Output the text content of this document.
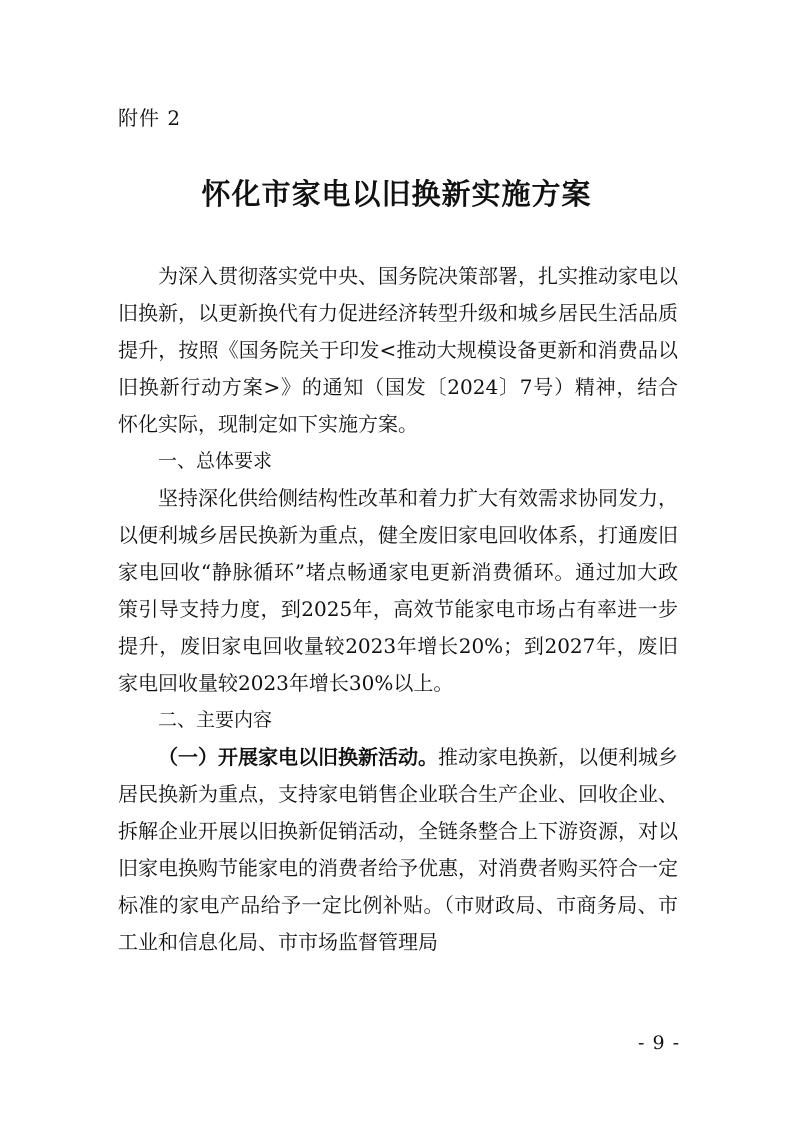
附件 2
怀化市家电以旧换新实施方案

为深入贯彻落实党中央、国务院决策部署，扎实推动家电以旧换新，以更新换代有力促进经济转型升级和城乡居民生活品质提升，按照《国务院关于印发<推动大规模设备更新和消费品以旧换新行动方案>》的通知（国发〔2024〕7号）精神，结合怀化实际，现制定如下实施方案。

一、总体要求

坚持深化供给侧结构性改革和着力扩大有效需求协同发力，以便利城乡居民换新为重点，健全废旧家电回收体系，打通废旧家电回收“静脉循环”堵点畅通家电更新消费循环。通过加大政策引导支持力度，到2025年，高效节能家电市场占有率进一步提升，废旧家电回收量较2023年增长20%；到2027年，废旧家电回收量较2023年增长30%以上。

二、主要内容

（一）开展家电以旧换新活动。推动家电换新，以便利城乡居民换新为重点，支持家电销售企业联合生产企业、回收企业、拆解企业开展以旧换新促销活动，全链条整合上下游资源，对以旧家电换购节能家电的消费者给予优惠，对消费者购买符合一定标准的家电产品给予一定比例补贴。（市财政局、市商务局、市工业和信息化局、市市场监督管理局

- 9 -
